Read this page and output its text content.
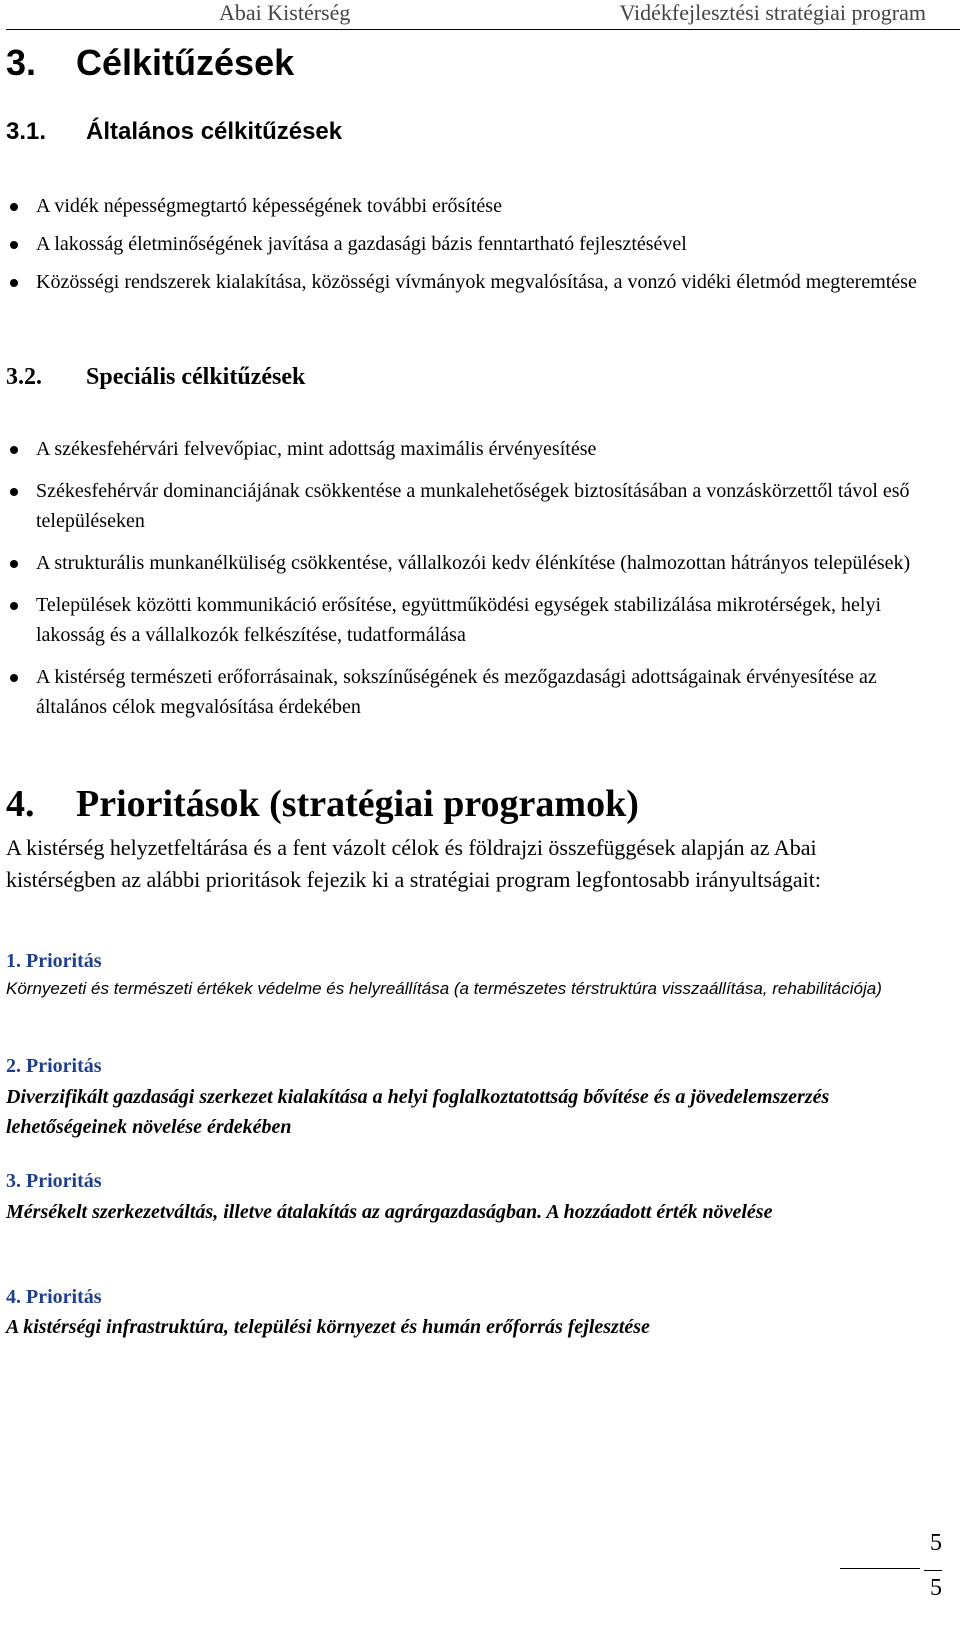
Abai Kistérség	Vidékfejlesztési stratégiai program
3. Célkitűzések
3.1. Általános célkitűzések
A vidék népességmegtartó képességének további erősítése
A lakosság életminőségének javítása a gazdasági bázis fenntartható fejlesztésével
Közösségi rendszerek kialakítása, közösségi vívmányok megvalósítása, a vonzó vidéki életmód megteremtése
3.2. Speciális célkitűzések
A székesfehérvári felvevőpiac, mint adottság maximális érvényesítése
Székesfehérvár dominanciájának csökkentése a munkalehetőségek biztosításában a vonzáskörzettől távol eső településeken
A strukturális munkanélküliség csökkentése, vállalkozói kedv élénkítése (halmozottan hátrányos települések)
Települések közötti kommunikáció erősítése, együttműködési egységek stabilizálása mikrotérségek, helyi lakosság és a vállalkozók felkészítése, tudatformálása
A kistérség természeti erőforrásainak, sokszínűségének és mezőgazdasági adottságainak érvényesítése az általános célok megvalósítása érdekében
4. Prioritások (stratégiai programok)

A kistérség helyzetfeltárása és a fent vázolt célok és földrajzi összefüggések alapján az Abai kistérségben az alábbi prioritások fejezik ki a stratégiai program legfontosabb irányultságait:

1. Prioritás
Környezeti és természeti értékek védelme és helyreállítása (a természetes térstruktúra visszaállítása, rehabilitációja)
2. Prioritás
Diverzifikált gazdasági szerkezet kialakítása a helyi foglalkoztatottság bővítése és a jövedelemszerzés lehetőségeinek növelése érdekében
3. Prioritás
Mérsékelt szerkezetváltás, illetve átalakítás az agrárgazdaságban. A hozzáadott érték növelése
4. Prioritás
A kistérségi infrastruktúra, települési környezet és humán erőforrás fejlesztése
5
5
